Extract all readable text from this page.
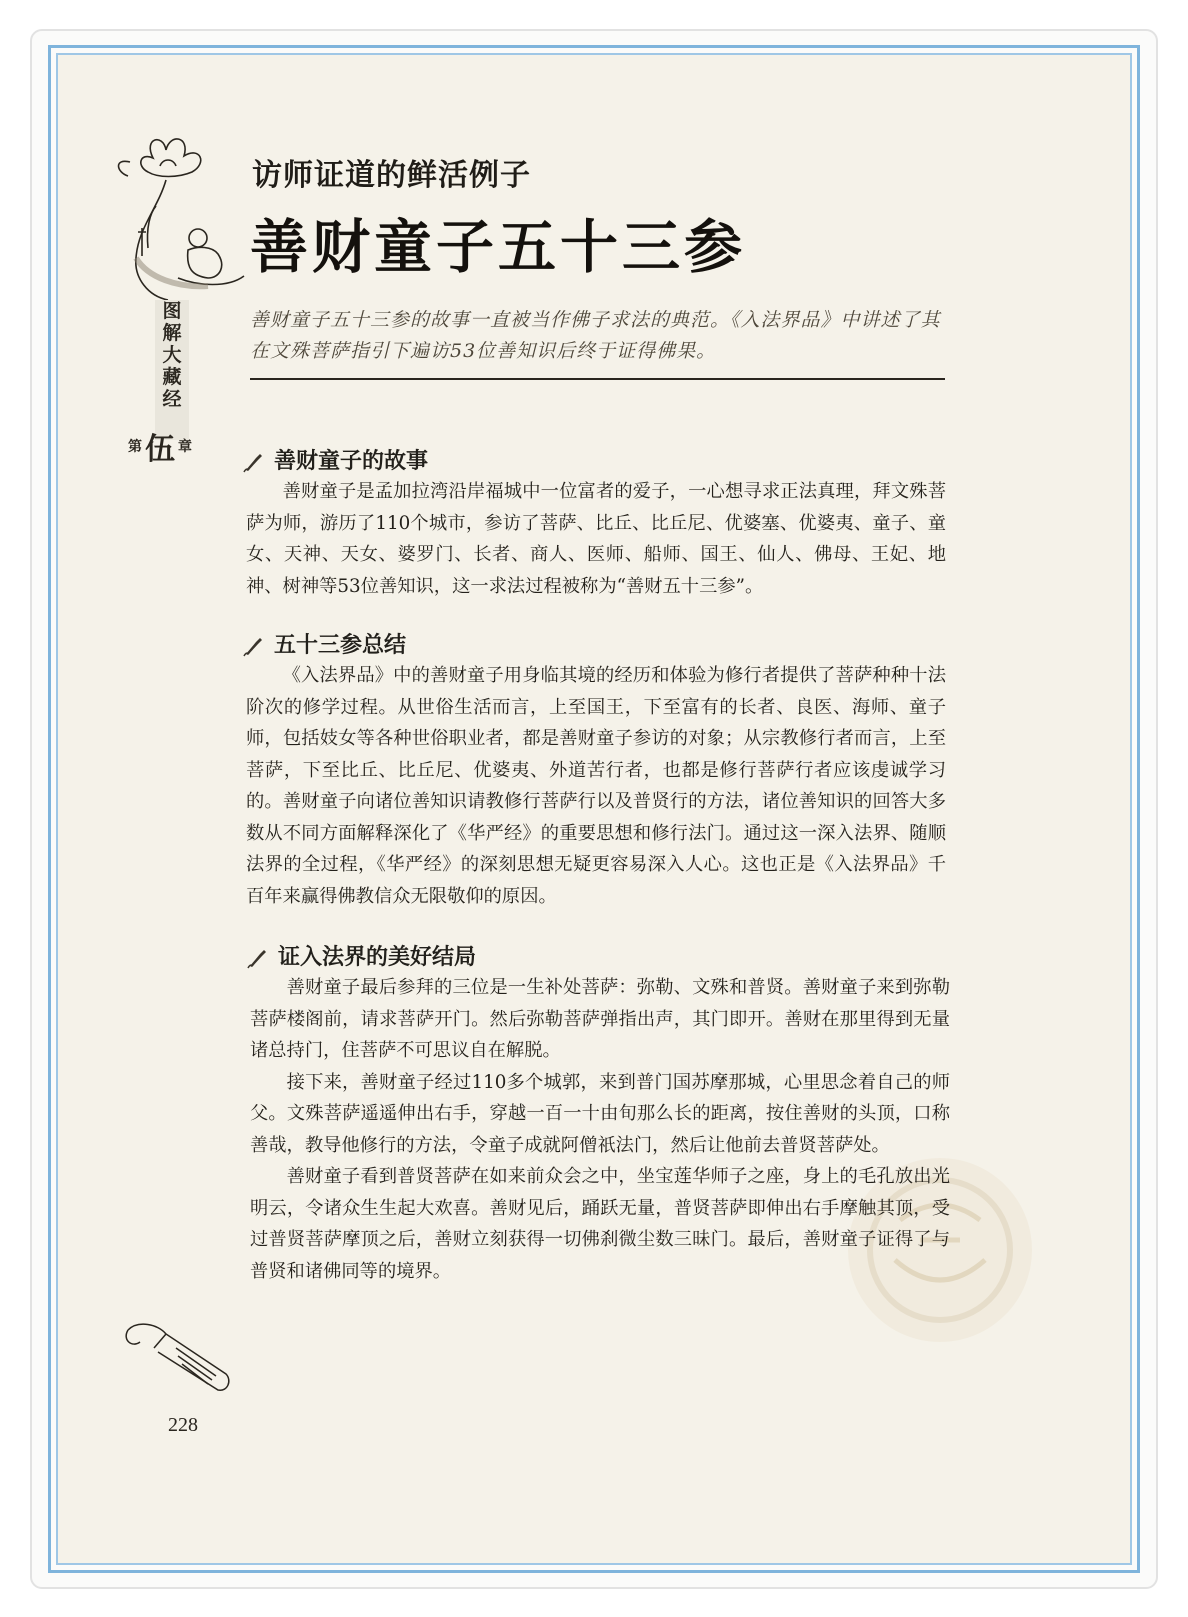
图
解
大
藏
经
第 伍 章
访师证道的鲜活例子
善财童子五十三参
善财童子五十三参的故事一直被当作佛子求法的典范。《入法界品》中讲述了其在文殊菩萨指引下遍访53位善知识后终于证得佛果。
善财童子的故事

善财童子是孟加拉湾沿岸福城中一位富者的爱子，一心想寻求正法真理，拜文殊菩萨为师，游历了110个城市，参访了菩萨、比丘、比丘尼、优婆塞、优婆夷、童子、童女、天神、天女、婆罗门、长者、商人、医师、船师、国王、仙人、佛母、王妃、地神、树神等53位善知识，这一求法过程被称为“善财五十三参”。

五十三参总结

《入法界品》中的善财童子用身临其境的经历和体验为修行者提供了菩萨种种十法阶次的修学过程。从世俗生活而言，上至国王，下至富有的长者、良医、海师、童子师，包括妓女等各种世俗职业者，都是善财童子参访的对象；从宗教修行者而言，上至菩萨，下至比丘、比丘尼、优婆夷、外道苦行者，也都是修行菩萨行者应该虔诚学习的。善财童子向诸位善知识请教修行菩萨行以及普贤行的方法，诸位善知识的回答大多数从不同方面解释深化了《华严经》的重要思想和修行法门。通过这一深入法界、随顺法界的全过程，《华严经》的深刻思想无疑更容易深入人心。这也正是《入法界品》千百年来赢得佛教信众无限敬仰的原因。

证入法界的美好结局

善财童子最后参拜的三位是一生补处菩萨：弥勒、文殊和普贤。善财童子来到弥勒菩萨楼阁前，请求菩萨开门。然后弥勒菩萨弹指出声，其门即开。善财在那里得到无量诸总持门，住菩萨不可思议自在解脱。

接下来，善财童子经过110多个城郭，来到普门国苏摩那城，心里思念着自己的师父。文殊菩萨遥遥伸出右手，穿越一百一十由旬那么长的距离，按住善财的头顶，口称善哉，教导他修行的方法，令童子成就阿僧祇法门，然后让他前去普贤菩萨处。

善财童子看到普贤菩萨在如来前众会之中，坐宝莲华师子之座，身上的毛孔放出光明云，令诸众生生起大欢喜。善财见后，踊跃无量，普贤菩萨即伸出右手摩触其顶，受过普贤菩萨摩顶之后，善财立刻获得一切佛刹微尘数三昧门。最后，善财童子证得了与普贤和诸佛同等的境界。

228
